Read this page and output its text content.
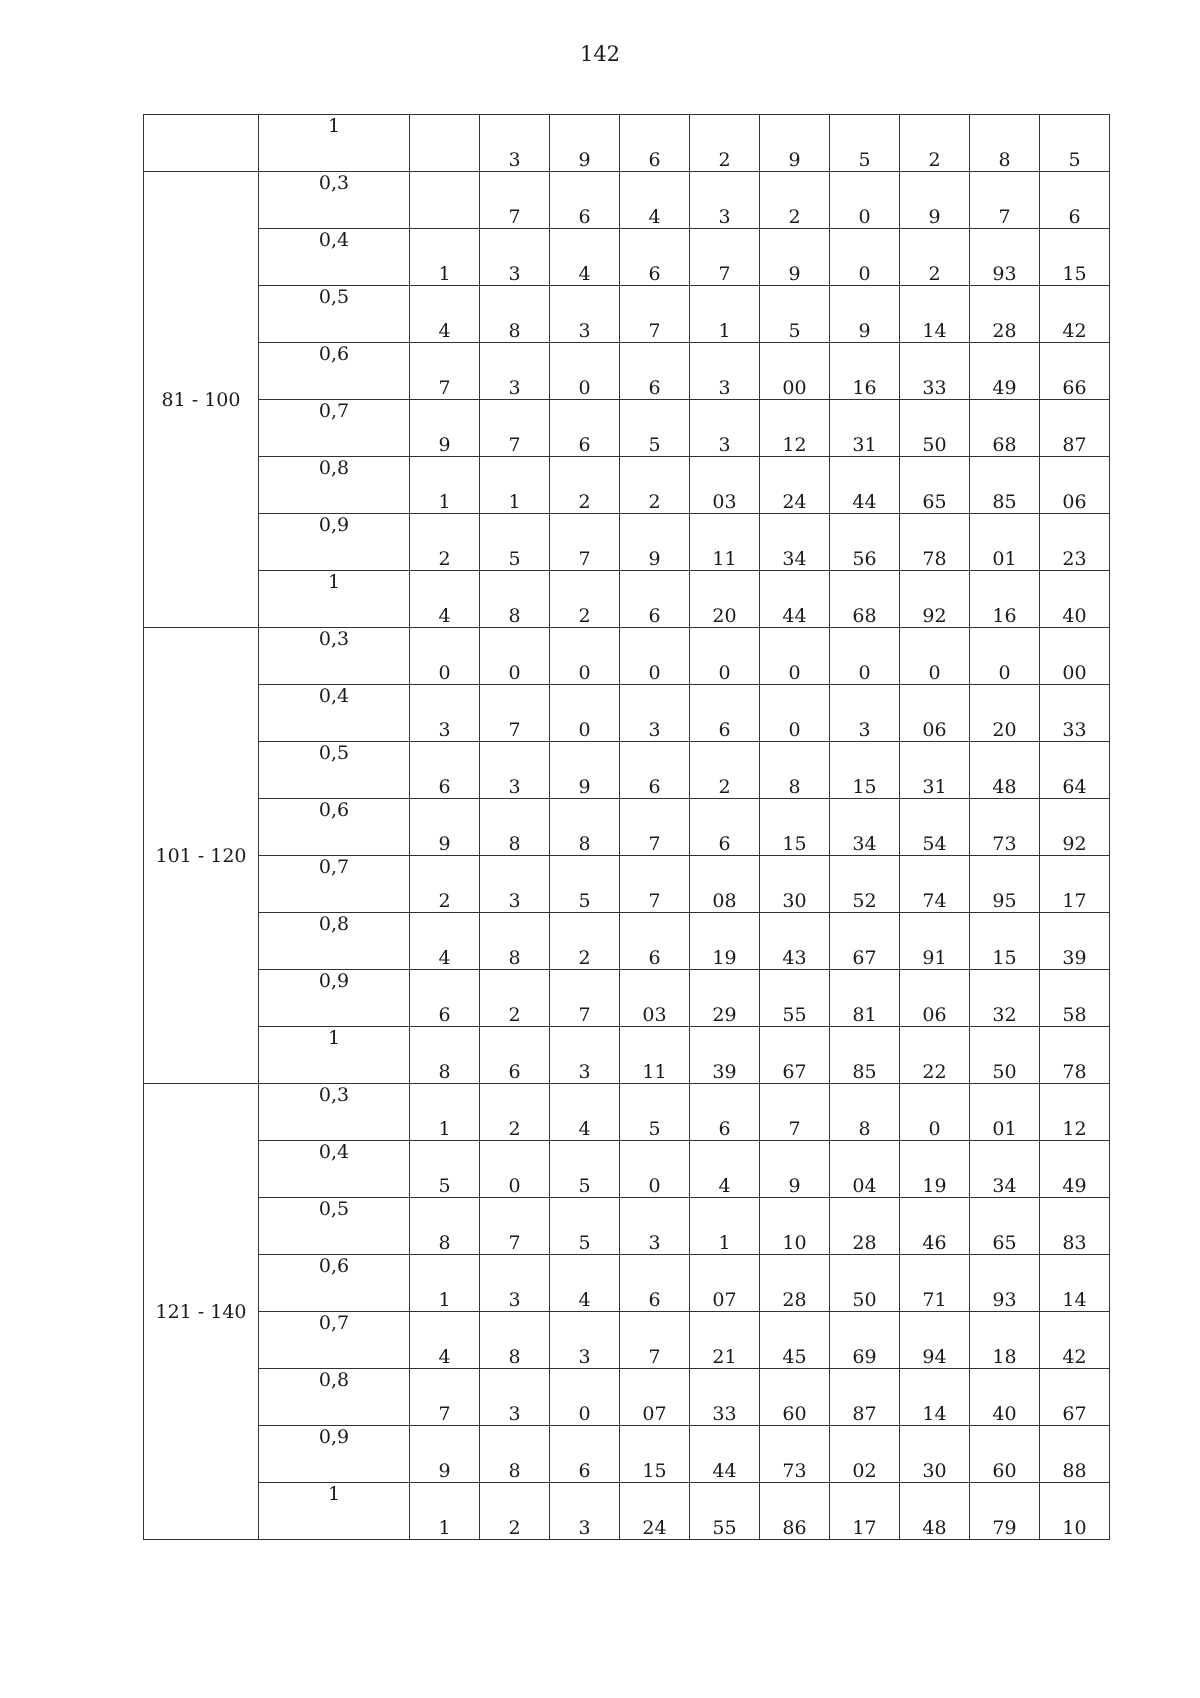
142
	1		3	9	6	2	9	5	2	8	5
81 - 100	0,3		7	6	4	3	2	0	9	7	6
	0,4	1	3	4	6	7	9	0	2	93	15
	0,5	4	8	3	7	1	5	9	14	28	42
	0,6	7	3	0	6	3	00	16	33	49	66
	0,7	9	7	6	5	3	12	31	50	68	87
	0,8	1	1	2	2	03	24	44	65	85	06
	0,9	2	5	7	9	11	34	56	78	01	23
	1	4	8	2	6	20	44	68	92	16	40
101 - 120	0,3	0	0	0	0	0	0	0	0	0	00
	0,4	3	7	0	3	6	0	3	06	20	33
	0,5	6	3	9	6	2	8	15	31	48	64
	0,6	9	8	8	7	6	15	34	54	73	92
	0,7	2	3	5	7	08	30	52	74	95	17
	0,8	4	8	2	6	19	43	67	91	15	39
	0,9	6	2	7	03	29	55	81	06	32	58
	1	8	6	3	11	39	67	85	22	50	78
121 - 140	0,3	1	2	4	5	6	7	8	0	01	12
	0,4	5	0	5	0	4	9	04	19	34	49
	0,5	8	7	5	3	1	10	28	46	65	83
	0,6	1	3	4	6	07	28	50	71	93	14
	0,7	4	8	3	7	21	45	69	94	18	42
	0,8	7	3	0	07	33	60	87	14	40	67
	0,9	9	8	6	15	44	73	02	30	60	88
	1	1	2	3	24	55	86	17	48	79	10
